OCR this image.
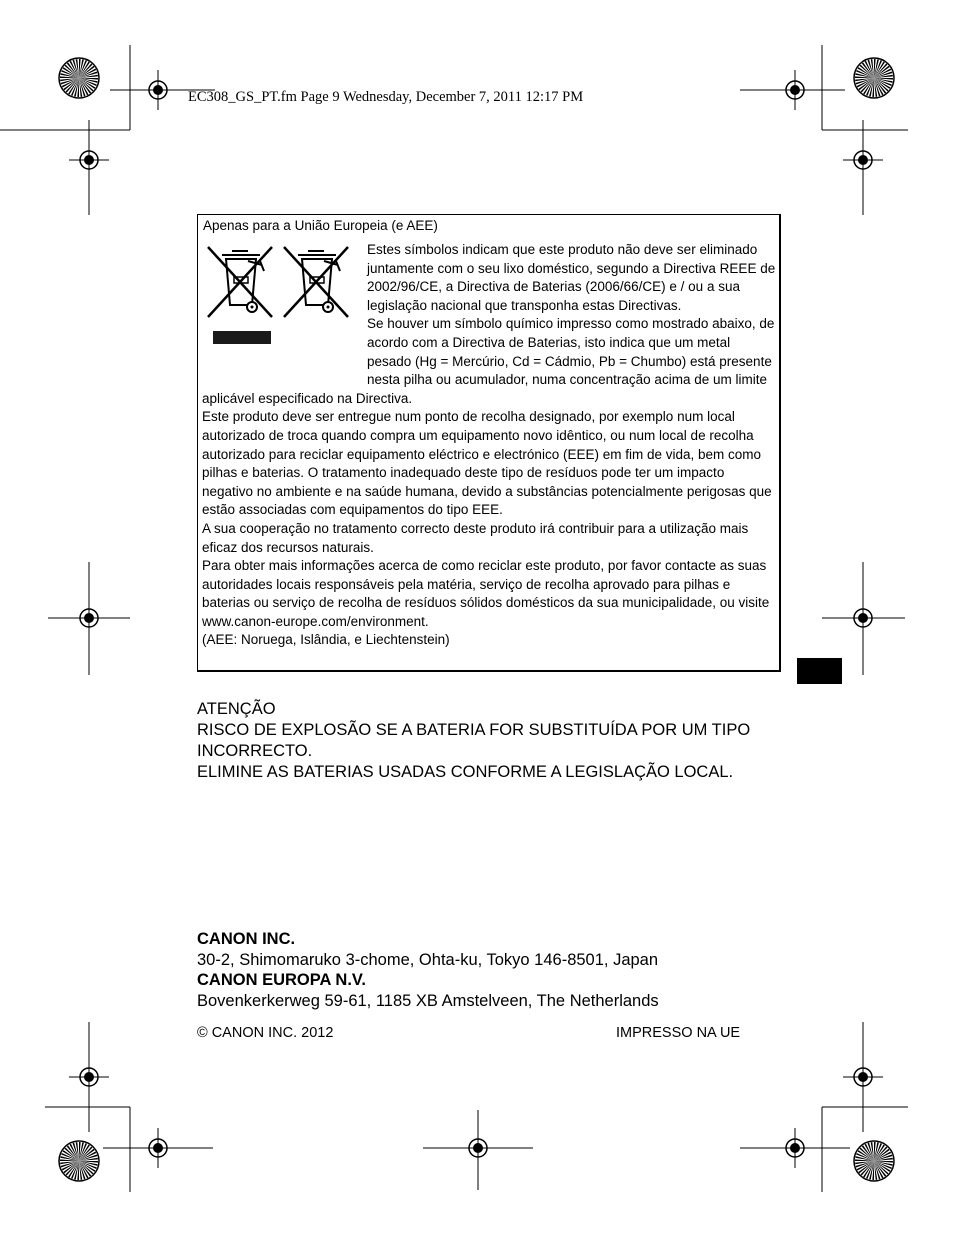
EC308_GS_PT.fm Page 9 Wednesday, December 7, 2011 12:17 PM
Apenas para a União Europeia (e AEE)

Estes símbolos indicam que este produto não deve ser eliminado juntamente com o seu lixo doméstico, segundo a Directiva REEE de 2002/96/CE, a Directiva de Baterias (2006/66/CE) e / ou a sua legislação nacional que transponha estas Directivas.

Se houver um símbolo químico impresso como mostrado abaixo, de acordo com a Directiva de Baterias, isto indica que um metal pesado (Hg = Mercúrio, Cd = Cádmio, Pb = Chumbo) está presente nesta pilha ou acumulador, numa concentração acima de um limite aplicável especificado na Directiva.

Este produto deve ser entregue num ponto de recolha designado, por exemplo num local autorizado de troca quando compra um equipamento novo idêntico, ou num local de recolha autorizado para reciclar equipamento eléctrico e electrónico (EEE) em fim de vida, bem como pilhas e baterias. O tratamento inadequado deste tipo de resíduos pode ter um impacto negativo no ambiente e na saúde humana, devido a substâncias potencialmente perigosas que estão associadas com equipamentos do tipo EEE.

A sua cooperação no tratamento correcto deste produto irá contribuir para a utilização mais eficaz dos recursos naturais.

Para obter mais informações acerca de como reciclar este produto, por favor contacte as suas autoridades locais responsáveis pela matéria, serviço de recolha aprovado para pilhas e baterias ou serviço de recolha de resíduos sólidos domésticos da sua municipalidade, ou visite www.canon-europe.com/environment.

(AEE: Noruega, Islândia, e Liechtenstein)

ATENÇÃO

RISCO DE EXPLOSÃO SE A BATERIA FOR SUBSTITUÍDA POR UM TIPO INCORRECTO.

ELIMINE AS BATERIAS USADAS CONFORME A LEGISLAÇÃO LOCAL.

CANON INC.

30-2, Shimomaruko 3-chome, Ohta-ku, Tokyo 146-8501, Japan

CANON EUROPA N.V.

Bovenkerkerweg 59-61, 1185 XB Amstelveen, The Netherlands

© CANON INC. 2012	IMPRESSO NA UE
